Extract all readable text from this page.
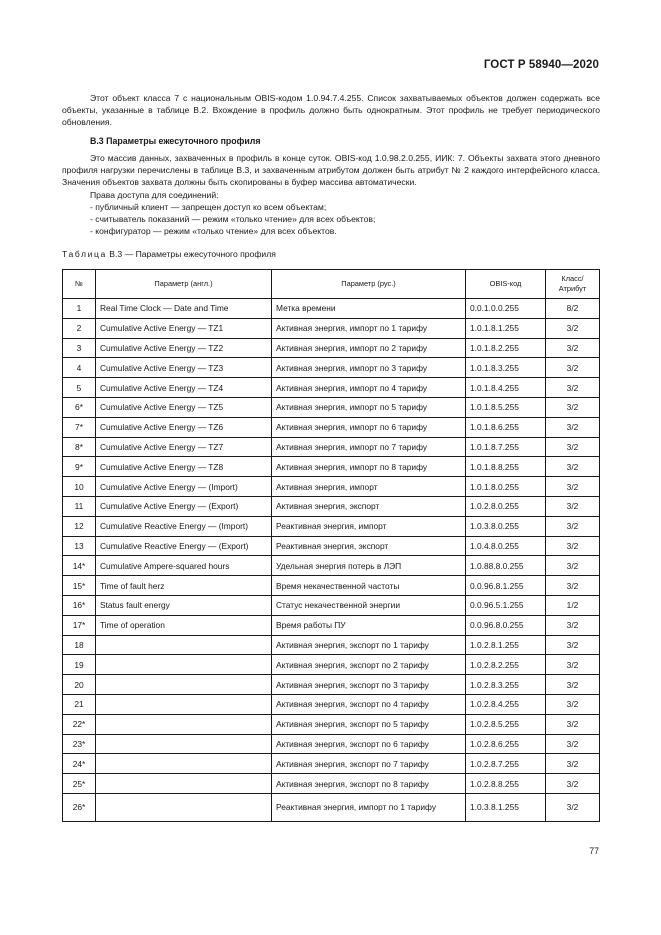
ГОСТ Р 58940—2020

Этот объект класса 7 с национальным OBIS-кодом 1.0.94.7.4.255. Список захватываемых объектов должен содержать все объекты, указанные в таблице В.2. Вхождение в профиль должно быть однократным. Этот профиль не требует периодического обновления.

В.3 Параметры ежесуточного профиля

Это массив данных, захваченных в профиль в конце суток. OBIS-код 1.0.98.2.0.255, ИИК: 7. Объекты захвата этого дневного профиля нагрузки перечислены в таблице В.3, и захваченным атрибутом должен быть атрибут № 2 каждого интерфейсного класса. Значения объектов захвата должны быть скопированы в буфер массива автоматически.

Права доступа для соединений:

- публичный клиент — запрещен доступ ко всем объектам;

- считыватель показаний — режим «только чтение» для всех объектов;

- конфигуратор — режим «только чтение» для всех объектов.

Таблица В.3 — Параметры ежесуточного профиля
№	Параметр (англ.)	Параметр (рус.)	OBIS-код	Класс/ Атрибут
1	Real Time Clock — Date and Time	Метка времени	0.0.1.0.0.255	8/2
2	Cumulative Active Energy — TZ1	Активная энергия, импорт по 1 тарифу	1.0.1.8.1.255	3/2
3	Cumulative Active Energy — TZ2	Активная энергия, импорт по 2 тарифу	1.0.1.8.2.255	3/2
4	Cumulative Active Energy — TZ3	Активная энергия, импорт по 3 тарифу	1.0.1.8.3.255	3/2
5	Cumulative Active Energy — TZ4	Активная энергия, импорт по 4 тарифу	1.0.1.8.4.255	3/2
6*	Cumulative Active Energy — TZ5	Активная энергия, импорт по 5 тарифу	1.0.1.8.5.255	3/2
7*	Cumulative Active Energy — TZ6	Активная энергия, импорт по 6 тарифу	1.0.1.8.6.255	3/2
8*	Cumulative Active Energy — TZ7	Активная энергия, импорт по 7 тарифу	1.0.1.8.7.255	3/2
9*	Cumulative Active Energy — TZ8	Активная энергия, импорт по 8 тарифу	1.0.1.8.8.255	3/2
10	Cumulative Active Energy — (Import)	Активная энергия, импорт	1.0.1.8.0.255	3/2
11	Cumulative Active Energy — (Export)	Активная энергия, экспорт	1.0.2.8.0.255	3/2
12	Cumulative Reactive Energy — (Import)	Реактивная энергия, импорт	1.0.3.8.0.255	3/2
13	Cumulative Reactive Energy — (Export)	Реактивная энергия, экспорт	1.0.4.8.0.255	3/2
14*	Cumulative Ampere-squared hours	Удельная энергия потерь в ЛЭП	1.0.88.8.0.255	3/2
15*	Time of fault herz	Время некачественной частоты	0.0.96.8.1.255	3/2
16*	Status fault energy	Статус некачественной энергии	0.0.96.5.1.255	1/2
17*	Time of operation	Время работы ПУ	0.0.96.8.0.255	3/2
18		Активная энергия, экспорт по 1 тарифу	1.0.2.8.1.255	3/2
19		Активная энергия, экспорт по 2 тарифу	1.0.2.8.2.255	3/2
20		Активная энергия, экспорт по 3 тарифу	1.0.2.8.3.255	3/2
21		Активная энергия, экспорт по 4 тарифу	1.0.2.8.4.255	3/2
22*		Активная энергия, экспорт по 5 тарифу	1.0.2.8.5.255	3/2
23*		Активная энергия, экспорт по 6 тарифу	1.0.2.8.6.255	3/2
24*		Активная энергия, экспорт по 7 тарифу	1.0.2.8.7.255	3/2
25*		Активная энергия, экспорт по 8 тарифу	1.0.2.8.8.255	3/2
26*		Реактивная энергия, импорт по 1 тарифу	1.0.3.8.1.255	3/2
77
